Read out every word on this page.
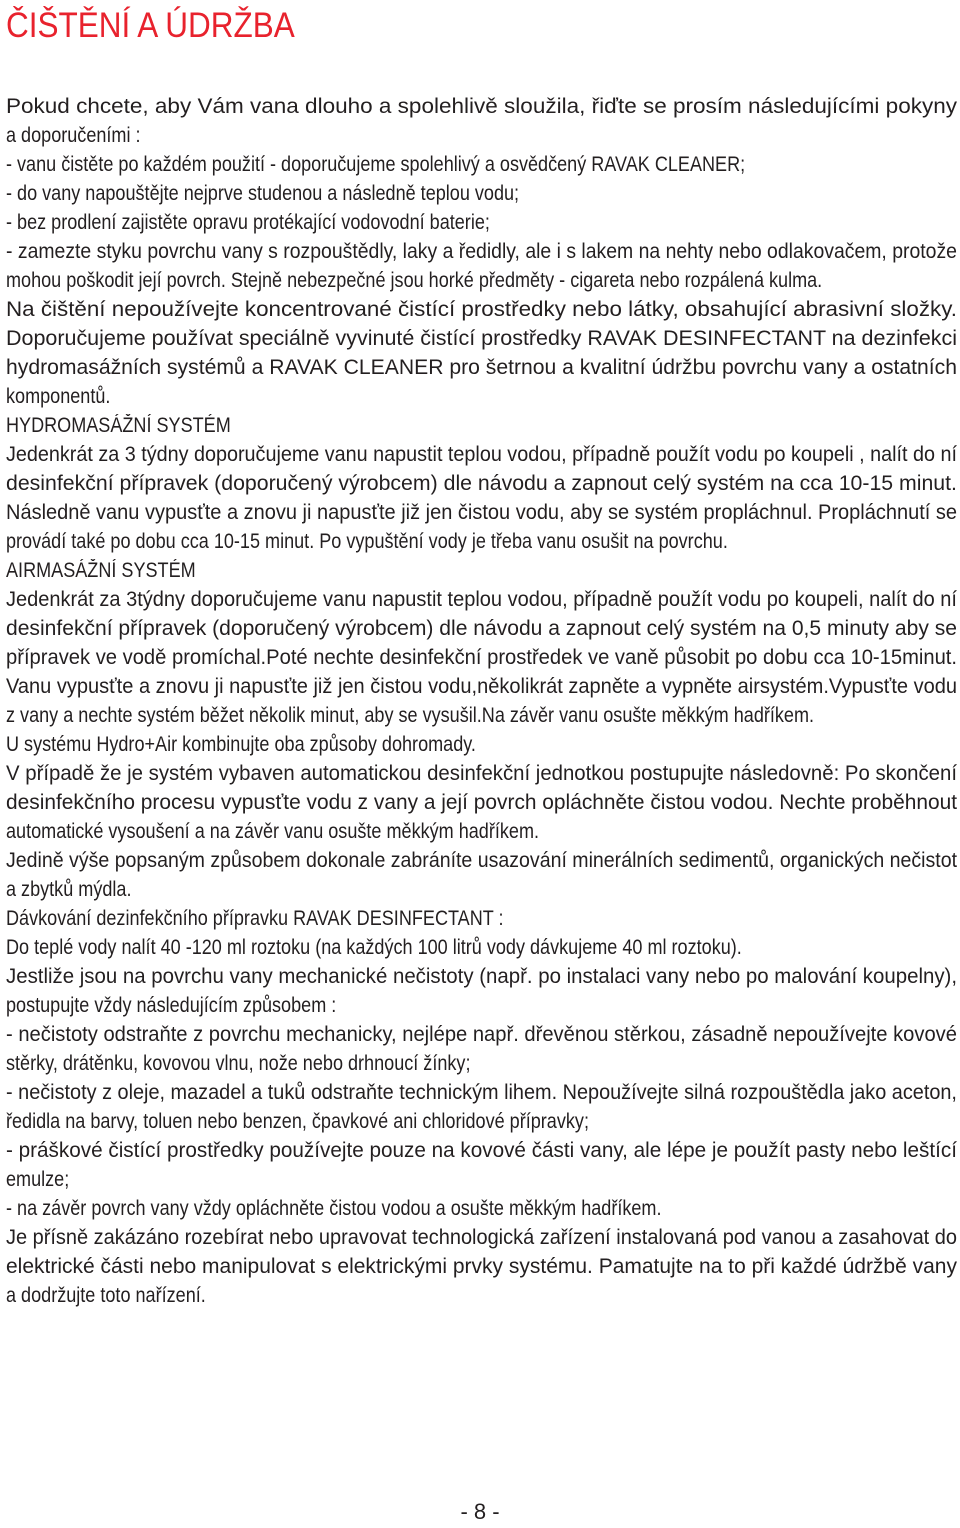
ČIŠTĚNÍ A ÚDRŽBA
Pokud chcete, aby Vám vana dlouho a spolehlivě sloužila, řiďte se prosím následujícími pokyny
a doporučeními :
- vanu čistěte po každém použití - doporučujeme spolehlivý a osvědčený RAVAK CLEANER;
- do vany napouštějte nejprve studenou a následně teplou vodu;
- bez prodlení zajistěte opravu protékající vodovodní baterie;
- zamezte styku povrchu vany s rozpouštědly, laky a ředidly, ale i s lakem na nehty nebo odlakovačem, protože
mohou poškodit její povrch. Stejně nebezpečné jsou horké předměty - cigareta nebo rozpálená kulma.
Na čištění nepoužívejte koncentrované čistící prostředky nebo látky, obsahující abrasivní složky.
Doporučujeme používat speciálně vyvinuté čistící prostředky RAVAK DESINFECTANT na dezinfekci
hydromasážních systémů a RAVAK CLEANER pro šetrnou a kvalitní údržbu povrchu vany a ostatních
komponentů.
HYDROMASÁŽNÍ SYSTÉM
Jedenkrát za 3 týdny doporučujeme vanu napustit teplou vodou, případně použít vodu po koupeli , nalít do ní
desinfekční přípravek (doporučený výrobcem) dle návodu a zapnout celý systém na cca 10-15 minut.
Následně vanu vypusťte a znovu ji napusťte již jen čistou vodu, aby se systém propláchnul. Propláchnutí se
provádí také po dobu cca 10-15 minut. Po vypuštění vody je třeba vanu osušit na povrchu.
AIRMASÁŽNÍ SYSTÉM
Jedenkrát za 3týdny doporučujeme vanu napustit teplou vodou, případně použít vodu po koupeli, nalít do ní
desinfekční přípravek (doporučený výrobcem) dle návodu a zapnout celý systém na 0,5 minuty aby se
přípravek ve vodě promíchal.Poté nechte desinfekční prostředek ve vaně působit po dobu cca 10-15minut.
Vanu vypusťte a znovu ji napusťte již jen čistou vodu,několikrát zapněte a vypněte airsystém.Vypusťte vodu
z vany a nechte systém běžet několik minut, aby se vysušil.Na závěr vanu osušte měkkým hadříkem.
U systému Hydro+Air kombinujte oba způsoby dohromady.
V případě že je systém vybaven automatickou desinfekční jednotkou postupujte následovně: Po skončení
desinfekčního procesu vypusťte vodu z vany a její povrch opláchněte čistou vodou. Nechte proběhnout
automatické vysoušení a na závěr vanu osušte měkkým hadříkem.
Jedině výše popsaným způsobem dokonale zabráníte usazování minerálních sedimentů, organických nečistot
a zbytků mýdla.
Dávkování dezinfekčního přípravku RAVAK DESINFECTANT :
Do teplé vody nalít 40 -120 ml roztoku (na každých 100 litrů vody dávkujeme 40 ml roztoku).
Jestliže jsou na povrchu vany mechanické nečistoty (např. po instalaci vany nebo po malování koupelny),
postupujte vždy následujícím způsobem :
- nečistoty odstraňte z povrchu mechanicky, nejlépe např. dřevěnou stěrkou, zásadně nepoužívejte kovové
stěrky, drátěnku, kovovou vlnu, nože nebo drhnoucí žínky;
- nečistoty z oleje, mazadel a tuků odstraňte technickým lihem. Nepoužívejte silná rozpouštědla jako aceton,
ředidla na barvy, toluen nebo benzen, čpavkové ani chloridové přípravky;
- práškové čistící prostředky používejte pouze na kovové části vany, ale lépe je použít pasty nebo leštící
emulze;
- na závěr povrch vany vždy opláchněte čistou vodou a osušte měkkým hadříkem.
Je přísně zakázáno rozebírat nebo upravovat technologická zařízení instalovaná pod vanou a zasahovat do
elektrické části nebo manipulovat s elektrickými prvky systému. Pamatujte na to při každé údržbě vany
a dodržujte toto nařízení.
- 8 -
